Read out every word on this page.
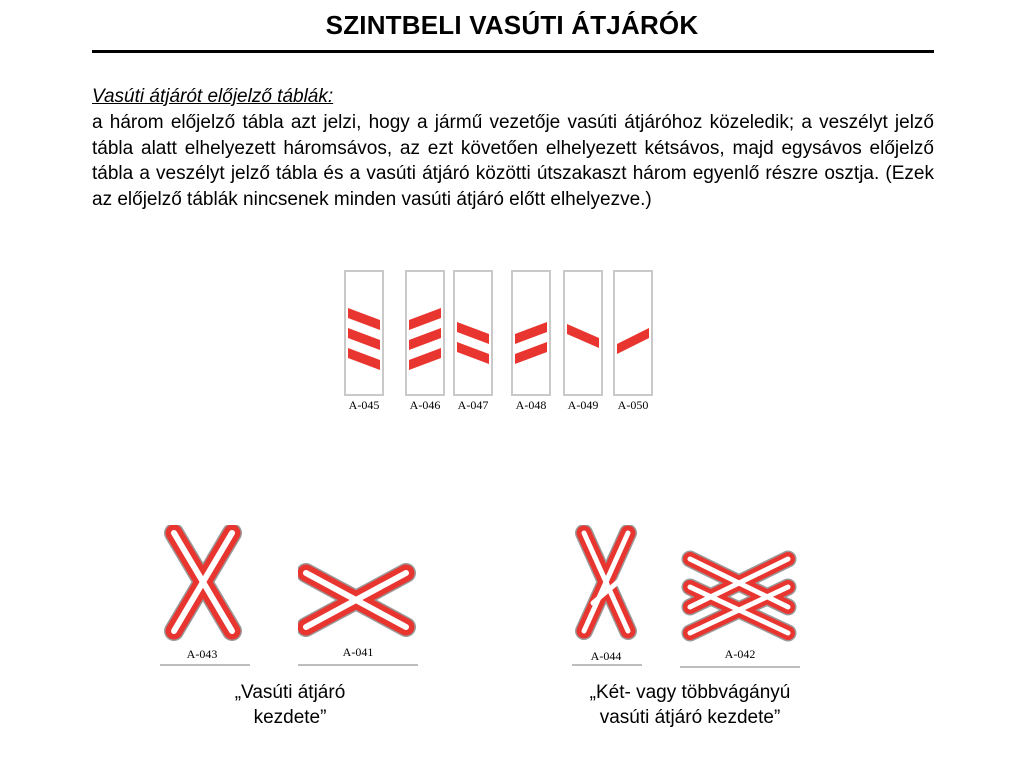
SZINTBELI VASÚTI ÁTJÁRÓK
Vasúti átjárót előjelző táblák:
a három előjelző tábla azt jelzi, hogy a jármű vezetője vasúti átjáróhoz közeledik; a veszélyt jelző tábla alatt elhelyezett háromsávos, az ezt követően elhelyezett kétsávos, majd egysávos előjelző tábla a veszélyt jelző tábla és a vasúti átjáró közötti útszakaszt három egyenlő részre osztja. (Ezek az előjelző táblák nincsenek minden vasúti átjáró előtt elhelyezve.)
A-045	A-046	A-047	A-048	A-049	A-050
A-043	A-041	A-044	A-042
„Vasúti átjáró
kezdete”
„Két- vagy többvágányú
vasúti átjáró kezdete”
